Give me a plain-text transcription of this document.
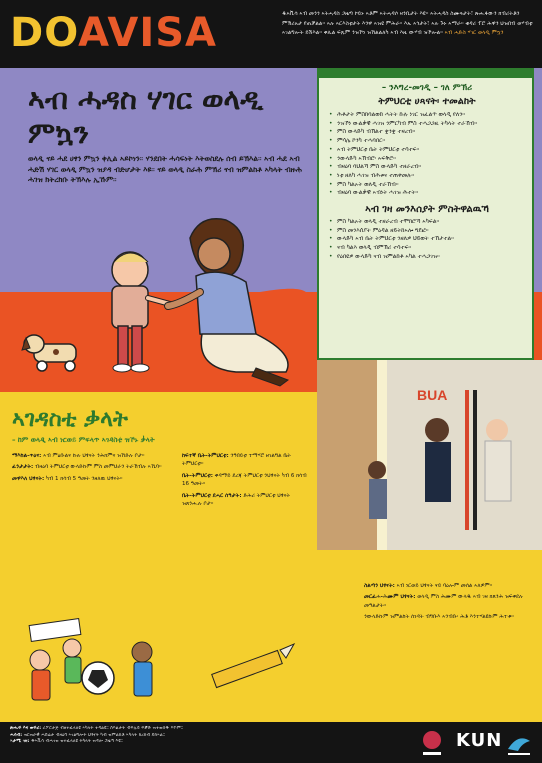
DOAVISA	ዱኣቪሳ ኣብ መንጎ ኣትሓዳስ ጋዜጣ ኮይኑ ኣቶም ኣትሓዳሶ ዛንቢታት እዩ። ኣትሓዳስ ስሙጓታት፣ ጽሑፋውን ክብሪትቶን ምኽሪአታ የጠቓልል። ኣሉ ኣርእስቲታት እንዋ ኣዝዩ ምሕራ። እኡ ኣጎታት፣ ኣሉ ጉኑ ኣማራ። ቁዳሪ ፕሮ ሕዋን ህዝበብ ወሃብቲ ኣገልግሎት ይሽእል። ቀሊል ፍጹም ንዝኾነ ዝኸልልለካ ኣብ እዚ ውሃብ ዝኾሎል። ኣብ ሓድስ ሃገር ወላዲ ምኳን
ኣብ ሓዳስ ሃገር ወላዲ ምኳን
ወላዲ ናይ ሓደ ሀፃን ምኳን ቀሊል ኣይኮነን። ሃንደበት ሓሳፍነት እትወስደሉ ሰብ ይኽእል። ኣብ ሓደ ኣብ ሓድሽ ሃገር ወላዲ ምኳን ዝያዳ ብድሆታት እዩ። ናይ ወላዲ ስራሕ ምኽሪ ናብ ዝምልከቶ ኣካላት ብዙሕ ሓገዝ ክትረክቡ ትኽእሉ ኢኹም።
– ንእግረ-መገዲ – ገለ ምኽሪ
ትምህርቲ ሀጻናት፡ ተመልከት
• ሕቶታት ምስክባልወከ ሓትት ኩሉ ነገር ዝፈልጥ ወላዲ የለን።
• ንዝኾነ ውልቃዊ ሓገዝ ንምርካብ ምስ ተሓጋጋዚ ትካላት ተራኸብ።
• ምስ ውላድካ ብኽልተ ቋንቋ ተዛረብ።
• ምሳሌ ኮንካ ተሓባበር።
• ኣብ ትምህርቲ ቤት ትምህርቲ ተሳተፍ።
• ንውላድካ ኣኽብሮ፡ ኣፍቅሮ።
• ብዛዕባ ባህልኻ ምስ ውላድካ ተዘራረብ።
• ነቲ ዘለካ ሓገዝ ብሕቱና ተጠቀመሉ።
• ምስ ካልኦት ወለዲ ተራኸብ።
• ብዛዕባ ውልቃዊ ኣብነት ሓገዝ ሕተት።
ኣብ ገዛ መንእሰያት ምስትዋልዉኻ
• ምስ ካልኦት ወላዲ ተዘራረብ ተሞክሮኻ ኣካፍል።
• ምስ መንእሰያት ምዕዳል ዘይትከኣሎ ግደፎ።
• ውላድካ ኣብ ቤት ትምህርቲ ንዘለዎ ህይወት ተኸታተል።
• ናብ ካልእ ወላዲ ብምኽሪ ተሳተፍ።
• የዕበዩዎ ውላድካ ናብ ዝምልከቶ ኣካል ተሓጋገዝ።
ኣገዳስቲ ቃላት
– ከም ወላዲ ኣብ ነርወይ ምፍላጥ ኣገዳስቲ ዝኾኑ ቃላት

ማእከል-ጥዕና: ኣብ ምዕቡልና ኩሉ ህፃናት ንሕክምና ዝኸድሉ ቦታ።

ፈንታታት: ብዛዕባ ትምህርቲ ውላድኩም ምስ መምህራን ትራኸብሉ ኣኼባ።

መዋእለ ህፃናት: ካብ 1 ክሳብ 5 ዓመት ንዘለዉ ህፃናት።

ከፍተኛ ቤት-ትምህርቲ: ንዓበይቲ ተማሃሮ ዘገልግል ቤት ትምህርቲ።

ቤት-ትምህርቲ: ቀዳማይ ደረጃ ትምህርቲ ንህፃናት ካብ 6 ክሳብ 16 ዓመት።

ቤት-ትምህርቲ ደሓር ሰዓታት: ድሕሪ ትምህርቲ ህፃናት ዝጸንሑሉ ቦታ።

ስልጣን ህፃናት: ኣብ ነርወይ ህፃናት ናይ ባዕሎም መሰል ኣለዎም።

መርፈሐ-ሕሙም ህፃናት: ወላዲ ምስ ሕሙም ውላዱ ኣብ ገዛ ክጸንሕ ዝፍቀደሉ መዓልታት።

ንውላድኩም ዝምልከት ሰነዳት ብግቡእ ኣንብቡ፡ ሕቶ እንተሃልዩኩም ሕተቱ።

BUA
ጽሑፍ እና ወፍሪ: ሪፖርታጅ ብዘተፈላለዩ ኣካላት ተዳልዩ። ስእልታት ብፍሉይ ፍቓድ ዝተወሰዱ እዮም።
ሓሳብ: ዝርዝራዊ ሓበሬታ ብዛዕባ ኣገልግሎት ህፃናት ካብ ዝምልከቶ ኣካላት ክረከብ ይከኣል።
ኣታሚ ገዛ: ዱኣቪሳ ብሓገዝ ዝተፈላለዩ ትካላት ዝዳሎ ጋዜጣ እዩ።	KUN
